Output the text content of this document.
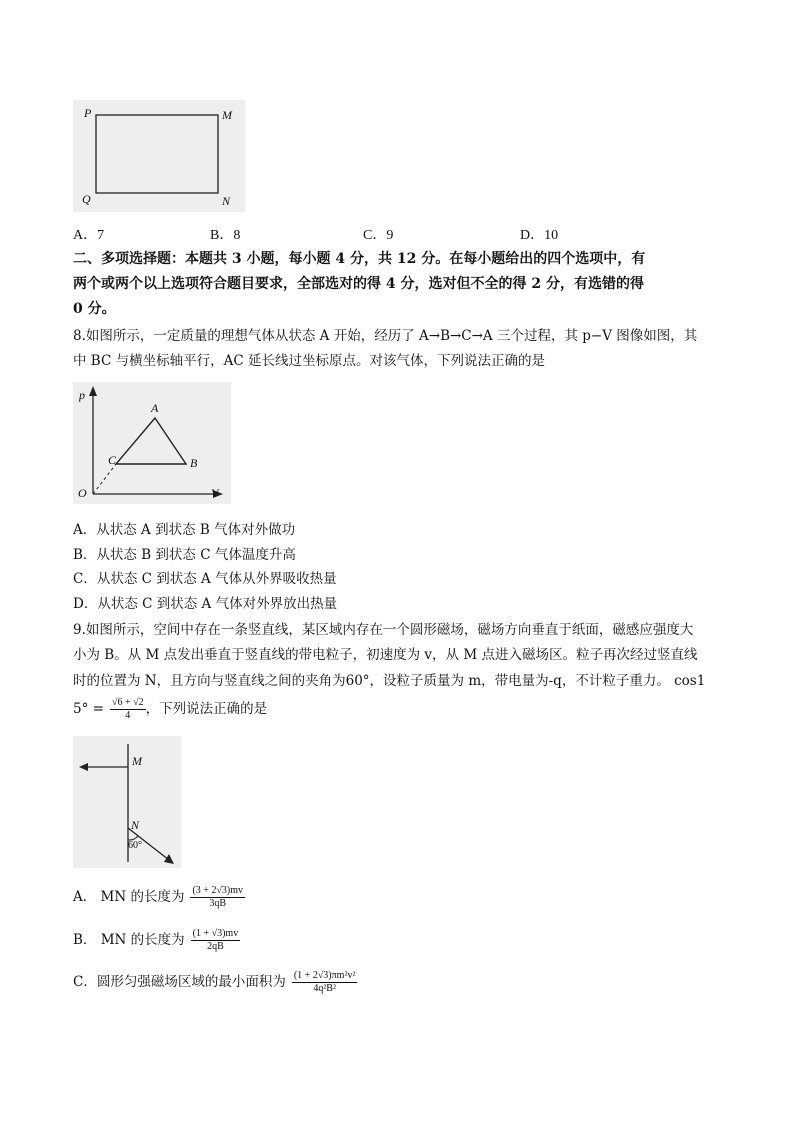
P	M
Q	N
A．7	B．8	C．9	D．10
二、多项选择题：本题共 3 小题，每小题 4 分，共 12 分。在每小题给出的四个选项中，有
两个或两个以上选项符合题目要求，全部选对的得 4 分，选对但不全的得 2 分，有选错的得
0 分。
8.如图所示，一定质量的理想气体从状态 A 开始，经历了 A→B→C→A 三个过程，其 p−V 图像如图，其
中 BC 与横坐标轴平行，AC 延长线过坐标原点。对该气体，下列说法正确的是
p
A
C	B
O	V
A．从状态 A 到状态 B 气体对外做功
B．从状态 B 到状态 C 气体温度升高
C．从状态 C 到状态 A 气体从外界吸收热量
D．从状态 C 到状态 A 气体对外界放出热量
9.如图所示，空间中存在一条竖直线，某区域内存在一个圆形磁场，磁场方向垂直于纸面，磁感应强度大
小为 B。从 M 点发出垂直于竖直线的带电粒子，初速度为 v，从 M 点进入磁场区。粒子再次经过竖直线
时的位置为 N，且方向与竖直线之间的夹角为60°，设粒子质量为 m，带电量为-q，不计粒子重力。 cos1
$5^\circ = \frac{√6 + √2}{4}$ ，下列说法正确的是
M
N
60°
A． MN 的长度为 $\frac{(3 + 2√3)mv}{3qB}$
B． MN 的长度为 $\frac{(1 + √3)mv}{2qB}$
C．圆形匀强磁场区域的最小面积为 $\frac{\text{(1 + 2√3)πm²v²}}{\text{4q²B²}}$
